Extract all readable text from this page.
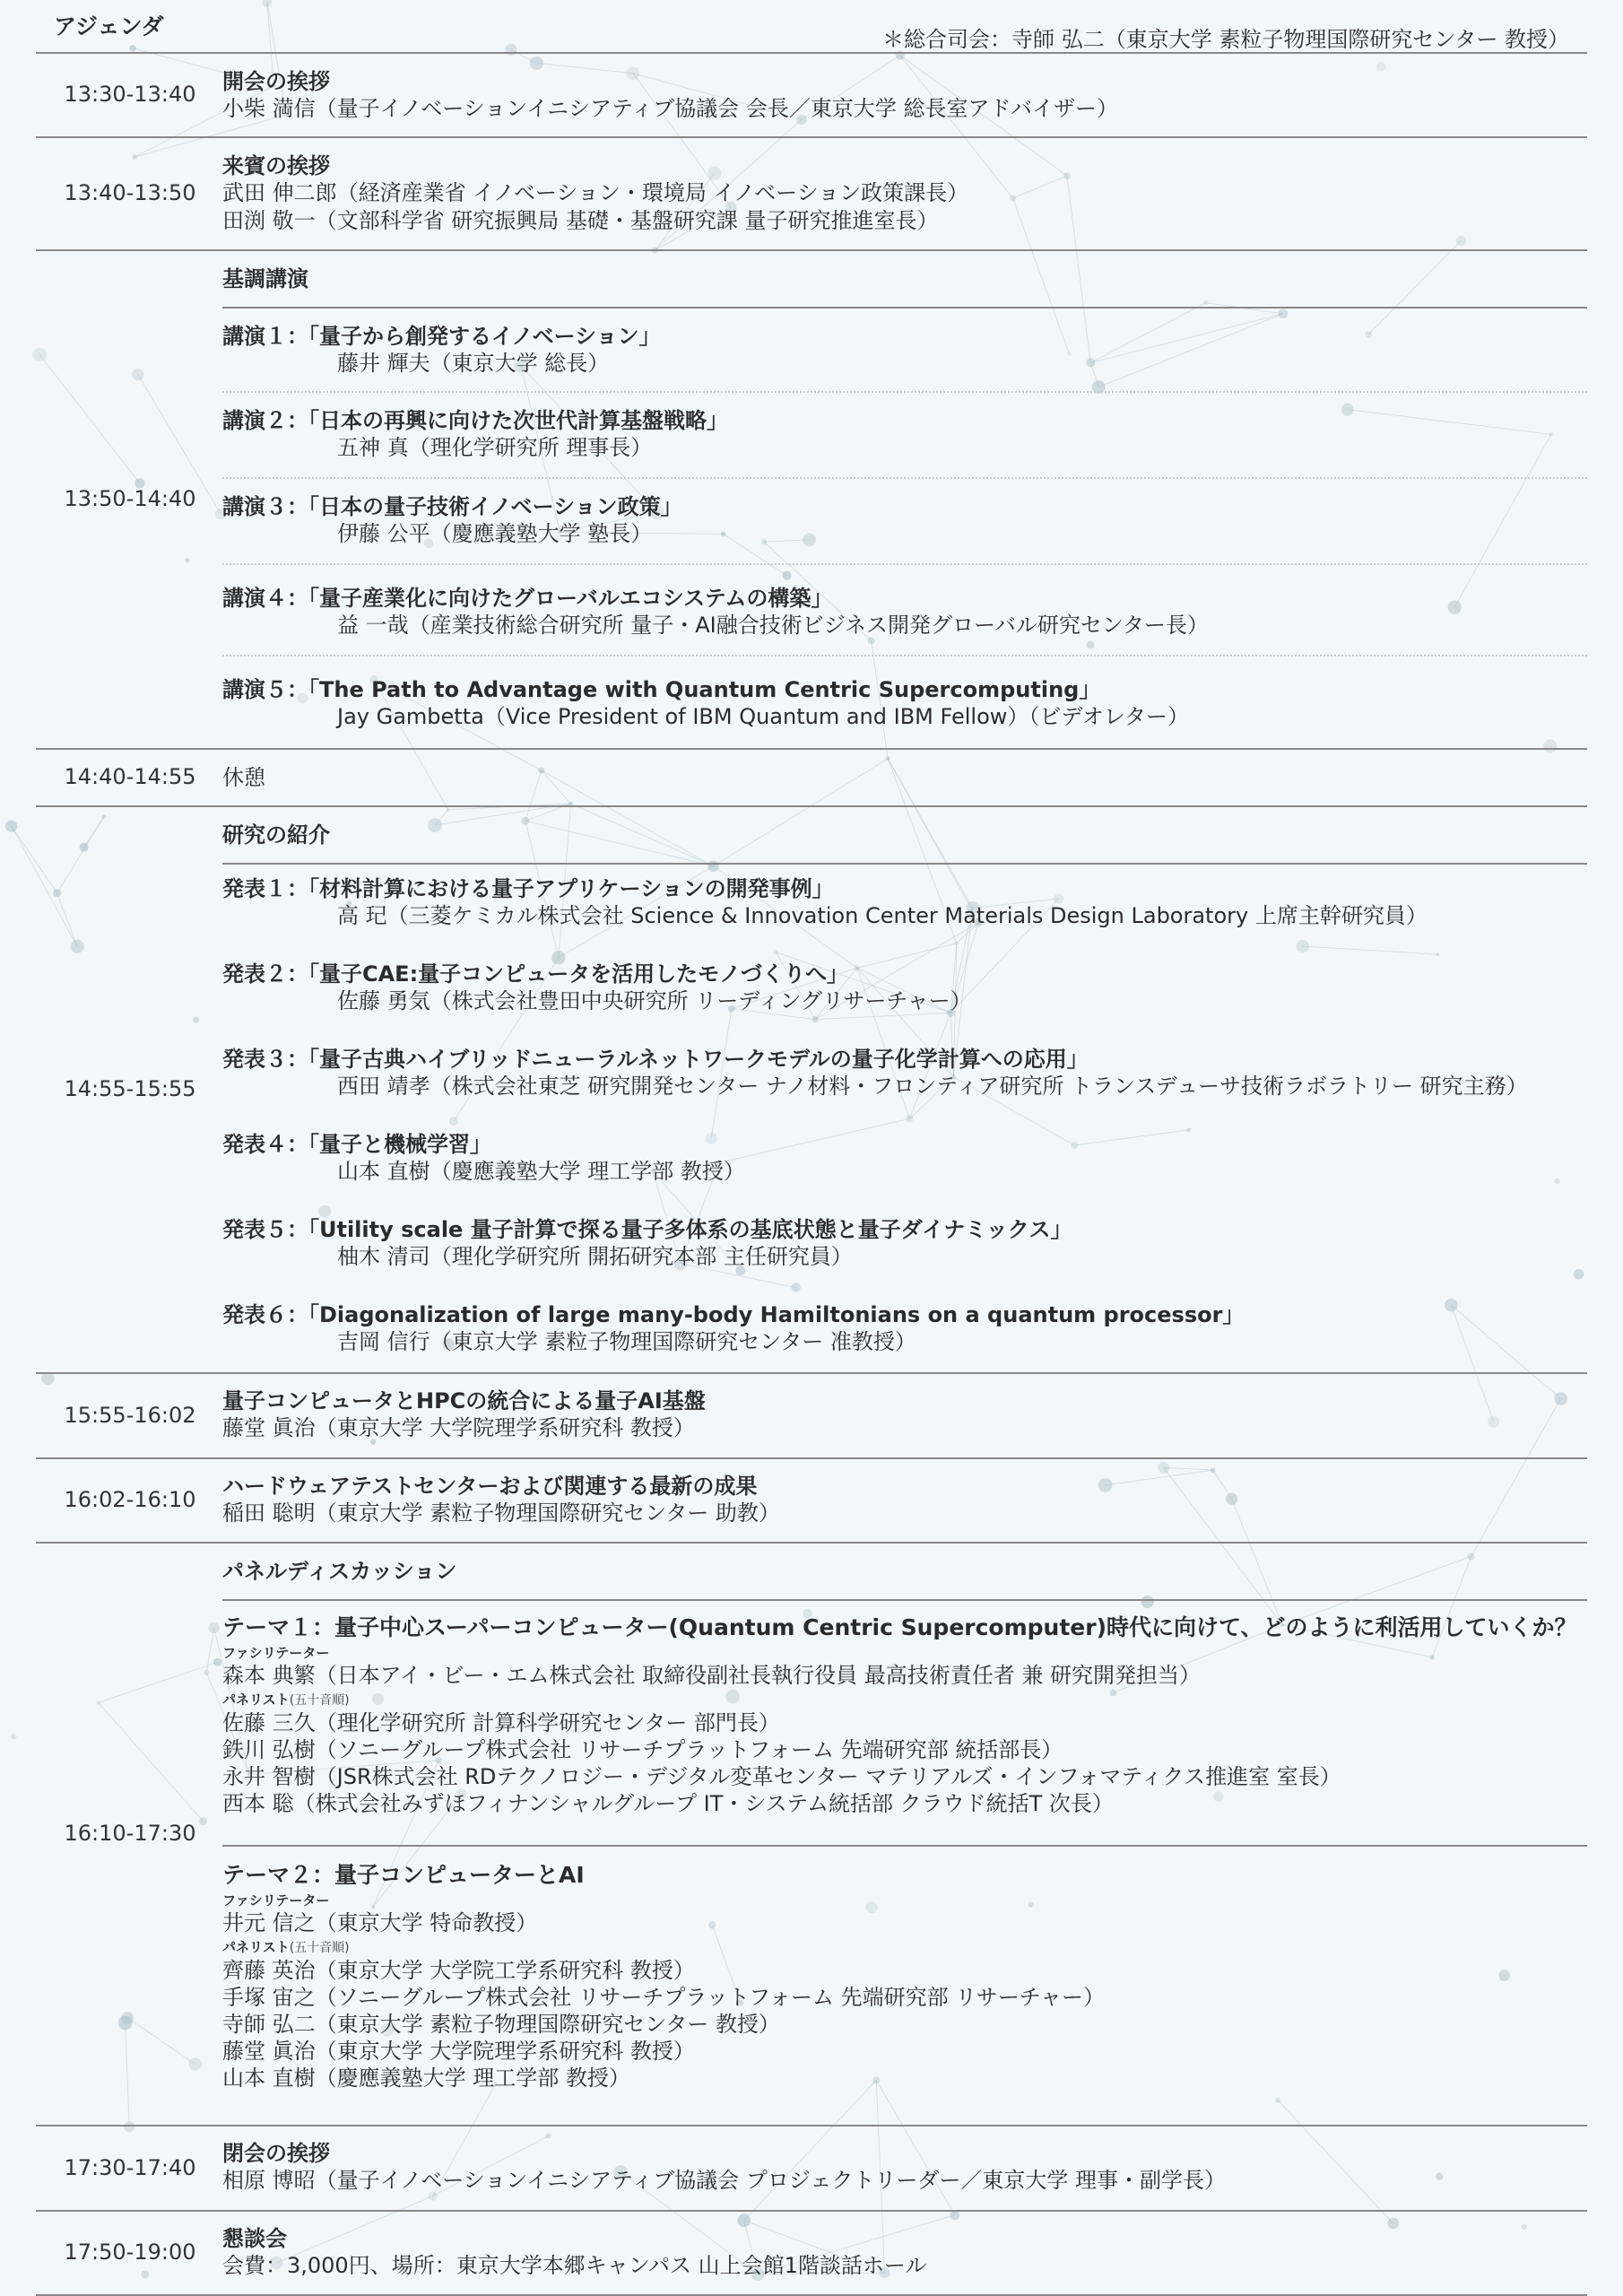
アジェンダ	＊総合司会：寺師 弘二（東京大学 素粒子物理国際研究センター 教授）
13:30-13:40	開会の挨拶
小柴 満信（量子イノベーションイニシアティブ協議会 会長／東京大学 総長室アドバイザー）
13:40-13:50
来賓の挨拶
武田 伸二郎（経済産業省 イノベーション・環境局 イノベーション政策課長）
田渕 敬一（文部科学省 研究振興局 基礎・基盤研究課 量子研究推進室長）
13:50-14:40
基調講演
講演１：「量子から創発するイノベーション」
藤井 輝夫（東京大学 総長）
講演２：「日本の再興に向けた次世代計算基盤戦略」
五神 真（理化学研究所 理事長）
講演３：「日本の量子技術イノベーション政策」
伊藤 公平（慶應義塾大学 塾長）
講演４：「量子産業化に向けたグローバルエコシステムの構築」
益 一哉（産業技術総合研究所 量子・AI融合技術ビジネス開発グローバル研究センター長）
講演５：「The Path to Advantage with Quantum Centric Supercomputing」
Jay Gambetta（Vice President of IBM Quantum and IBM Fellow）（ビデオレター）
14:40-14:55	休憩
14:55-15:55
研究の紹介
発表１：「材料計算における量子アプリケーションの開発事例」
高 玘（三菱ケミカル株式会社 Science & Innovation Center Materials Design Laboratory 上席主幹研究員）
発表２：「量子CAE:量子コンピュータを活用したモノづくりへ」
佐藤 勇気（株式会社豊田中央研究所 リーディングリサーチャー）
発表３：「量子古典ハイブリッドニューラルネットワークモデルの量子化学計算への応用」
西田 靖孝（株式会社東芝 研究開発センター ナノ材料・フロンティア研究所 トランスデューサ技術ラボラトリー 研究主務）
発表４：「量子と機械学習」
山本 直樹（慶應義塾大学 理工学部 教授）
発表５：「Utility scale 量子計算で探る量子多体系の基底状態と量子ダイナミックス」
柚木 清司（理化学研究所 開拓研究本部 主任研究員）
発表６：「Diagonalization of large many-body Hamiltonians on a quantum processor」
吉岡 信行（東京大学 素粒子物理国際研究センター 准教授）
15:55-16:02
量子コンピュータとHPCの統合による量子AI基盤
藤堂 眞治（東京大学 大学院理学系研究科 教授）
16:02-16:10
ハードウェアテストセンターおよび関連する最新の成果
稲田 聡明（東京大学 素粒子物理国際研究センター 助教）
16:10-17:30
パネルディスカッション
テーマ１：量子中心スーパーコンピューター(Quantum Centric Supercomputer)時代に向けて、どのように利活用していくか？
ファシリテーター
森本 典繁（日本アイ・ビー・エム株式会社 取締役副社長執行役員 最高技術責任者 兼 研究開発担当）
パネリスト(五十音順)
佐藤 三久（理化学研究所 計算科学研究センター 部門長）
鉄川 弘樹（ソニーグループ株式会社 リサーチプラットフォーム 先端研究部 統括部長）
永井 智樹（JSR株式会社 RDテクノロジー・デジタル変革センター マテリアルズ・インフォマティクス推進室 室長）
西本 聡（株式会社みずほフィナンシャルグループ IT・システム統括部 クラウド統括T 次長）
テーマ２：量子コンピューターとAI
ファシリテーター
井元 信之（東京大学 特命教授）
パネリスト(五十音順)
齊藤 英治（東京大学 大学院工学系研究科 教授）
手塚 宙之（ソニーグループ株式会社 リサーチプラットフォーム 先端研究部 リサーチャー）
寺師 弘二（東京大学 素粒子物理国際研究センター 教授）
藤堂 眞治（東京大学 大学院理学系研究科 教授）
山本 直樹（慶應義塾大学 理工学部 教授）
17:30-17:40
閉会の挨拶
相原 博昭（量子イノベーションイニシアティブ協議会 プロジェクトリーダー／東京大学 理事・副学長）
17:50-19:00
懇談会
会費：3,000円、場所：東京大学本郷キャンパス 山上会館1階談話ホール
